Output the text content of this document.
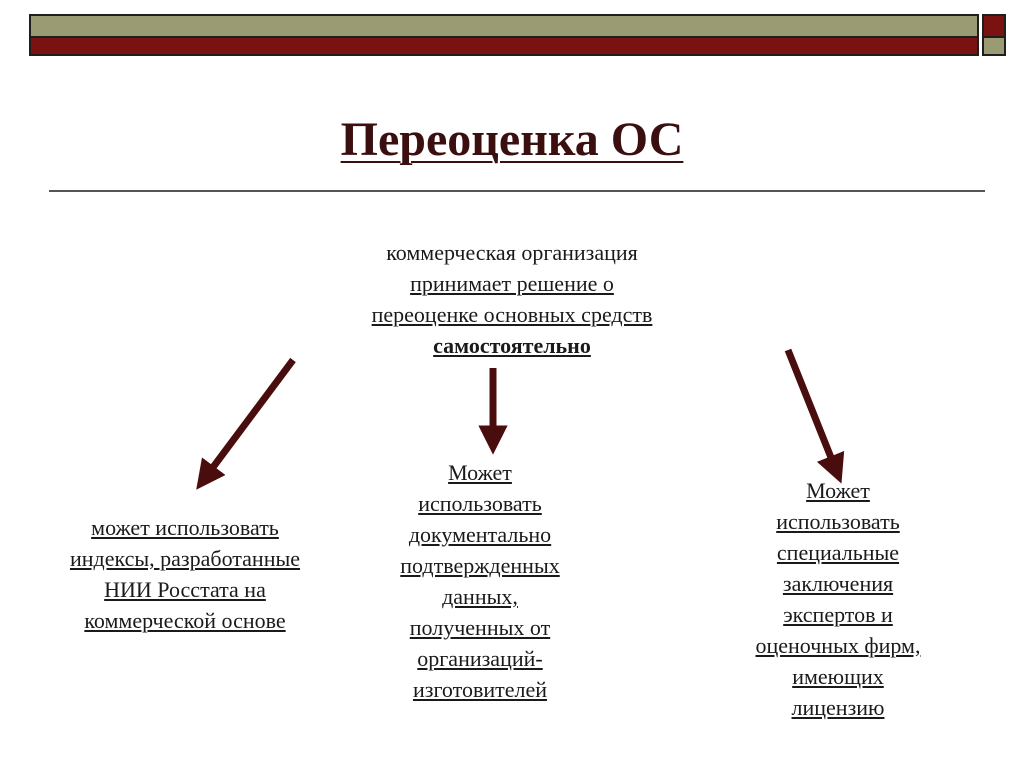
Переоценка ОС
коммерческая организация
принимает решение о
переоценке основных средств
самостоятельно
может использовать
индексы, разработанные
НИИ Росстата на
коммерческой основе
Может
использовать
документально
подтвержденных
данных,
полученных от
организаций-
изготовителей
Может
использовать
специальные
заключения
экспертов и
оценочных фирм,
имеющих
лицензию
